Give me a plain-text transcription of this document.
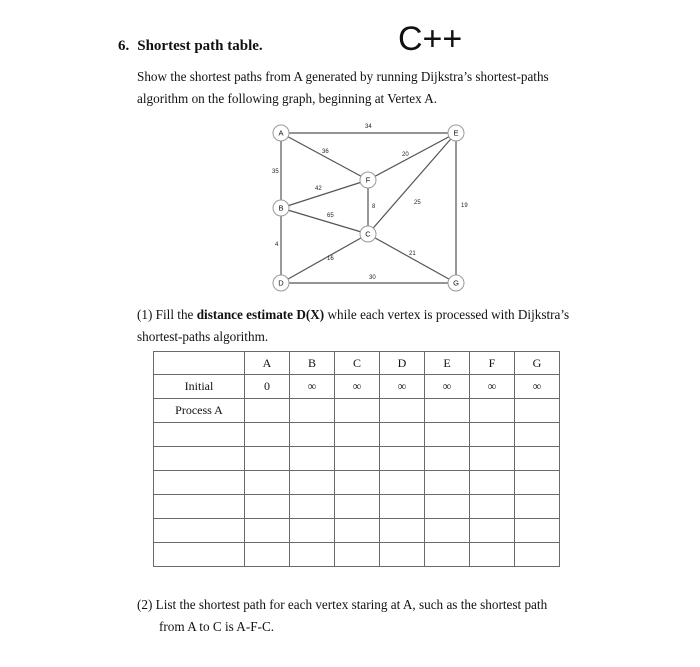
6. Shortest path table.	C++
Show the shortest paths from A generated by running Dijkstra’s shortest-paths
algorithm on the following graph, beginning at Vertex A.
34
36
35
42
65
4
20
8
25	19
21
16
30
A
B
C
D
E
F
G
(1) Fill the distance estimate D(X) while each vertex is processed with Dijkstra’s
shortest-paths algorithm.
	A	B	C	D	E	F	G
Initial	0	∞	∞	∞	∞	∞	∞
Process A							

(2) List the shortest path for each vertex staring at A, such as the shortest path
from A to C is A-F-C.
